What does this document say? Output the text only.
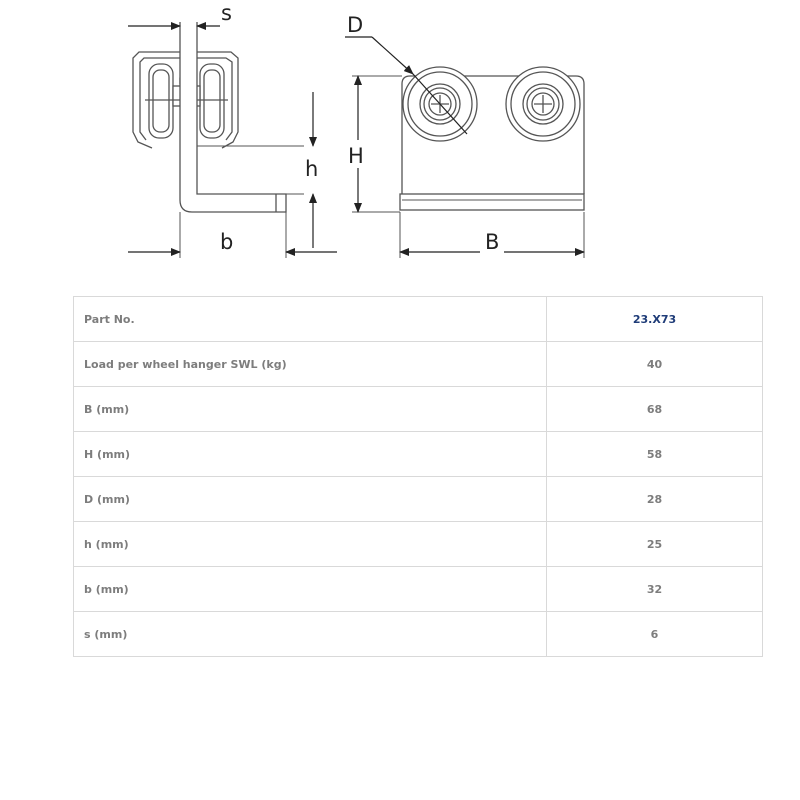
s
h
b
D
H
B
Part No.	23.X73
Load per wheel hanger SWL (kg)	40
B (mm)	68
H (mm)	58
D (mm)	28
h (mm)	25
b (mm)	32
s (mm)	6
